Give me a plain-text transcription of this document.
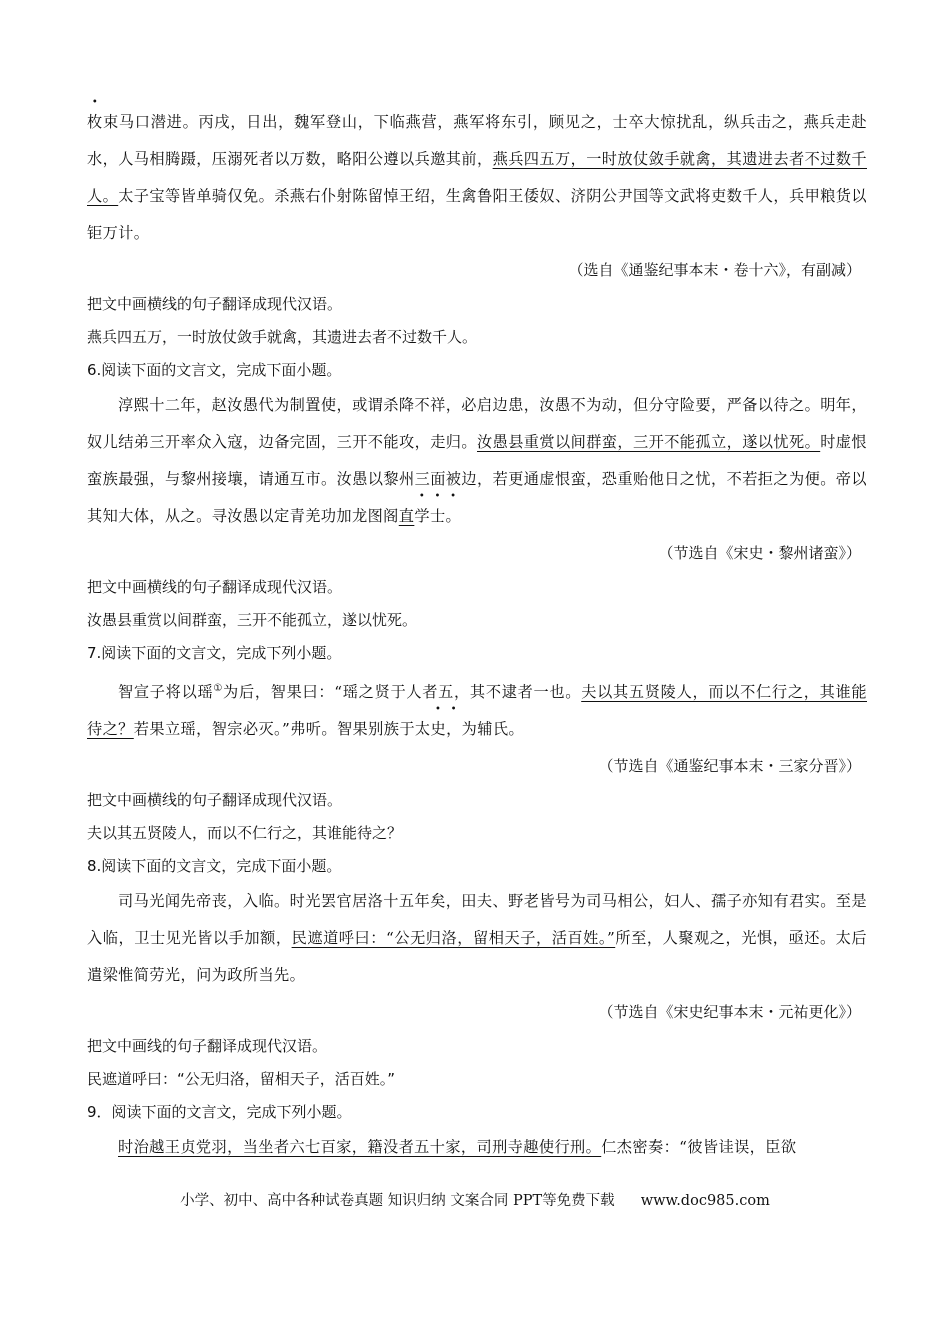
枚束马口潜进。丙戌，日出，魏军登山，下临燕营，燕军将东引，顾见之，士卒大惊扰乱，纵兵击之，燕兵走赴水，人马相腾蹑，压溺死者以万数，略阳公遵以兵邀其前，燕兵四五万，一时放仗敛手就禽，其遗进去者不过数千人。太子宝等皆单骑仅免。杀燕右仆射陈留悼王绍，生禽鲁阳王倭奴、济阴公尹国等文武将吏数千人，兵甲粮货以钜万计。

（选自《通鉴纪事本末・卷十六》，有副减）

把文中画横线的句子翻译成现代汉语。

燕兵四五万，一时放仗敛手就禽，其遗进去者不过数千人。

6.阅读下面的文言文，完成下面小题。

淳熙十二年，赵汝愚代为制置使，或谓杀降不祥，必启边患，汝愚不为动，但分守险要，严备以待之。明年，奴儿结弟三开率众入寇，边备完固，三开不能攻，走归。汝愚县重赏以间群蛮，三开不能孤立，遂以忧死。时虚恨蛮族最强，与黎州接壤，请通互市。汝愚以黎州三面被边，若更通虚恨蛮，恐重贻他日之忧，不若拒之为便。帝以其知大体，从之。寻汝愚以定青羌功加龙图阁直学士。

（节选自《宋史・黎州诸蛮》）

把文中画横线的句子翻译成现代汉语。

汝愚县重赏以间群蛮，三开不能孤立，遂以忧死。

7.阅读下面的文言文，完成下列小题。

智宣子将以瑶①为后，智果曰：“瑶之贤于人者五，其不逮者一也。夫以其五贤陵人，而以不仁行之，其谁能待之？若果立瑶，智宗必灭。”弗听。智果别族于太史，为辅氏。

（节选自《通鉴纪事本末・三家分晋》）

把文中画横线的句子翻译成现代汉语。

夫以其五贤陵人，而以不仁行之，其谁能待之？

8.阅读下面的文言文，完成下面小题。

司马光闻先帝丧，入临。时光罢官居洛十五年矣，田夫、野老皆号为司马相公，妇人、孺子亦知有君实。至是入临，卫士见光皆以手加额，民遮道呼曰：“公无归洛，留相天子，活百姓。”所至，人聚观之，光惧，亟还。太后遣梁惟简劳光，问为政所当先。

（节选自《宋史纪事本末・元祐更化》）

把文中画线的句子翻译成现代汉语。

民遮道呼曰：“公无归洛，留相天子，活百姓。”

9．阅读下面的文言文，完成下列小题。

时治越王贞党羽，当坐者六七百家，籍没者五十家，司刑寺趣使行刑。仁杰密奏：“彼皆诖误，臣欲

小学、初中、高中各种试卷真题 知识归纳 文案合同 PPT等免费下载 www.doc985.com
